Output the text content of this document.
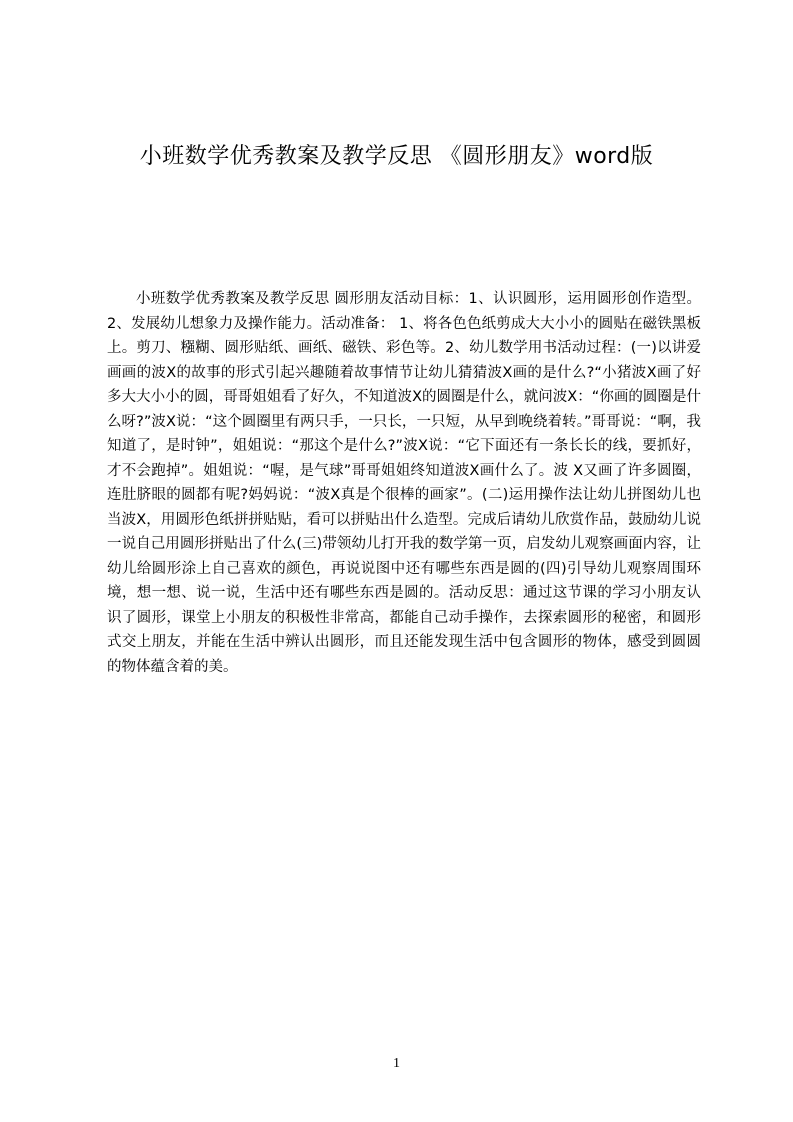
小班数学优秀教案及教学反思 《圆形朋友》word版

小班数学优秀教案及教学反思 圆形朋友活动目标：1、认识圆形，运用圆形创作造型。2、发展幼儿想象力及操作能力。活动准备： 1、将各色色纸剪成大大小小的圆贴在磁铁黑板上。剪刀、糨糊、圆形贴纸、画纸、磁铁、彩色等。2、幼儿数学用书活动过程：(一)以讲爱画画的波X的故事的形式引起兴趣随着故事情节让幼儿猜猜波X画的是什么?“小猪波X画了好多大大小小的圆，哥哥姐姐看了好久，不知道波X的圆圈是什么，就问波X：“你画的圆圈是什么呀?”波X说：“这个圆圈里有两只手，一只长，一只短，从早到晚绕着转。”哥哥说：“啊，我知道了，是时钟”，姐姐说：“那这个是什么?”波X说：“它下面还有一条长长的线，要抓好，才不会跑掉”。姐姐说：“喔，是气球”哥哥姐姐终知道波X画什么了。波 X又画了许多圆圈，连肚脐眼的圆都有呢?妈妈说：“波X真是个很棒的画家”。(二)运用操作法让幼儿拼图幼儿也当波X，用圆形色纸拼拼贴贴，看可以拼贴出什么造型。完成后请幼儿欣赏作品，鼓励幼儿说一说自己用圆形拼贴出了什么(三)带领幼儿打开我的数学第一页，启发幼儿观察画面内容，让幼儿给圆形涂上自己喜欢的颜色，再说说图中还有哪些东西是圆的(四)引导幼儿观察周围环境，想一想、说一说，生活中还有哪些东西是圆的。活动反思：通过这节课的学习小朋友认识了圆形，课堂上小朋友的积极性非常高，都能自己动手操作，去探索圆形的秘密，和圆形式交上朋友，并能在生活中辨认出圆形，而且还能发现生活中包含圆形的物体，感受到圆圆的物体蕴含着的美。

1
